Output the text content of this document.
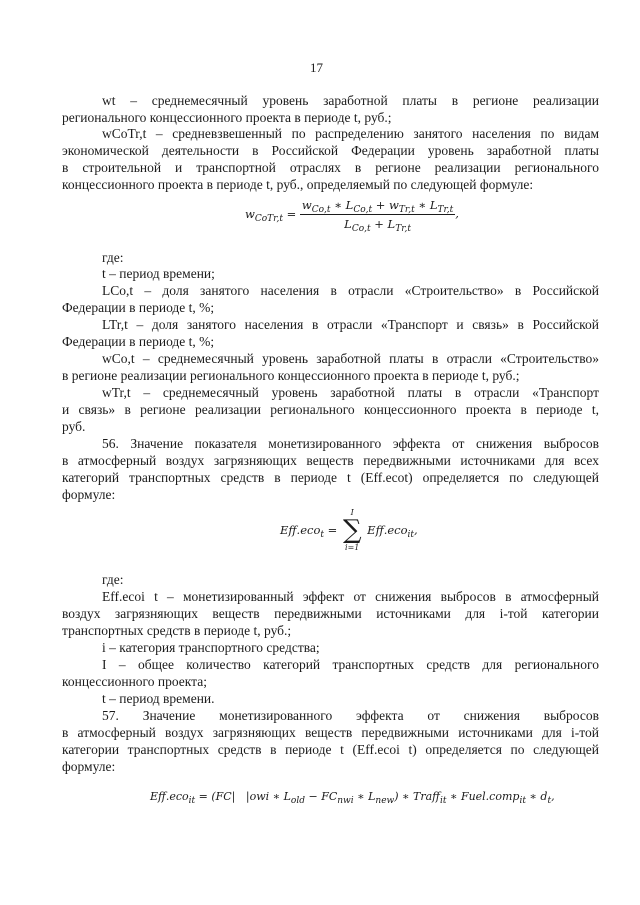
17
wt – среднемесячный уровень заработной платы в регионе реализации
регионального концессионного проекта в периоде t, руб.;
wCoTr,t – средневзвешенный по распределению занятого населения по видам
экономической деятельности в Российской Федерации уровень заработной платы
в строительной и транспортной отраслях в регионе реализации регионального
концессионного проекта в периоде t, руб., определяемый по следующей формуле:
$w_{CoTr,t} = \frac{w_{Co,t} ∗ L_{Co,t} + w_{Tr,t} ∗ L_{Tr,t}}{L_{Co,t} + L_{Tr,t}}$ ,
где:
t – период времени;
LCo,t – доля занятого населения в отрасли «Строительство» в Российской
Федерации в периоде t, %;
LTr,t – доля занятого населения в отрасли «Транспорт и связь» в Российской
Федерации в периоде t, %;
wCo,t – среднемесячный уровень заработной платы в отрасли «Строительство»
в регионе реализации регионального концессионного проекта в периоде t, руб.;
wTr,t – среднемесячный уровень заработной платы в отрасли «Транспорт
и связь» в регионе реализации регионального концессионного проекта в периоде t,
руб.
56. Значение показателя монетизированного эффекта от снижения выбросов
в атмосферный воздух загрязняющих веществ передвижными источниками для всех
категорий транспортных средств в периоде t (Eff.ecot) определяется по следующей
формуле:
Eff.eco$_t$ =
I
∑
i=1
Eff.eco$_{it}$,
где:
Eff.ecoi t – монетизированный эффект от снижения выбросов в атмосферный
воздух загрязняющих веществ передвижными источниками для i-той категории
транспортных средств в периоде t, руб.;
i – категория транспортного средства;
I – общее количество категорий транспортных средств для регионального
концессионного проекта;
t – период времени.
57. Значение монетизированного эффекта от снижения выбросов
в атмосферный воздух загрязняющих веществ передвижными источниками для i-той
категории транспортных средств в периоде t (Eff.ecoi t) определяется по следующей
формуле:
Eff.eco$_{it}$ = (FC|   |owi ∗ $L_{old} - FC_{nwi}$ ∗ $L_{new}$) ∗ Traff$_{it}$ ∗ Fuel.comp$_{it}$ ∗ $d_t$,
